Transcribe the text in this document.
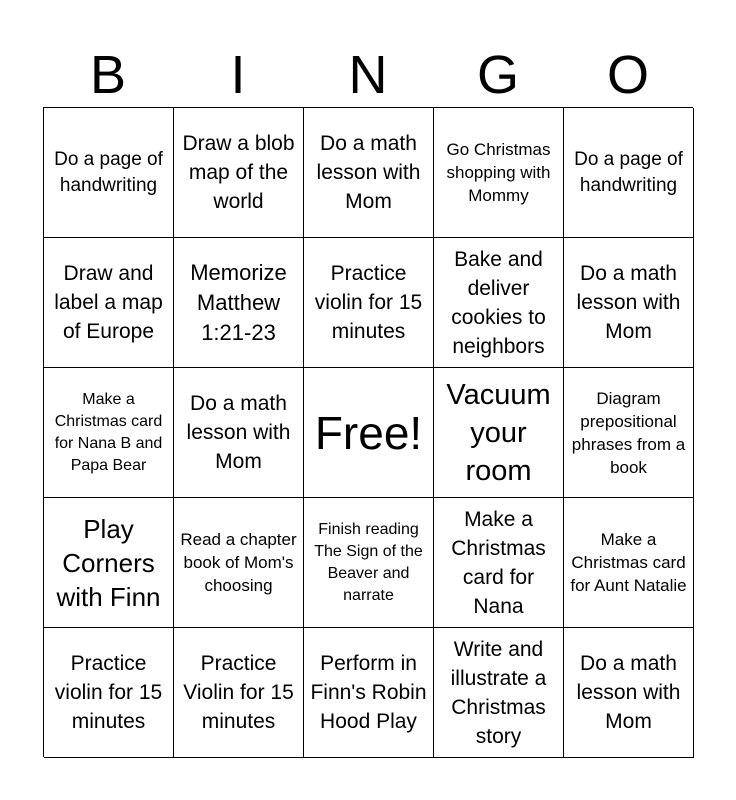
B	I	N	G	O
Do a page of handwriting
Draw a blob map of the world
Do a math lesson with Mom
Go Christmas shopping with Mommy
Do a page of handwriting
Draw and label a map of Europe
Memorize Matthew 1:21-23
Practice violin for 15 minutes
Bake and deliver cookies to neighbors
Do a math lesson with Mom
Make a Christmas card for Nana B and Papa Bear
Do a math lesson with Mom
Free!
Vacuum your room
Diagram prepositional phrases from a book
Play Corners with Finn
Read a chapter book of Mom's choosing
Finish reading The Sign of the Beaver and narrate
Make a Christmas card for Nana
Make a Christmas card for Aunt Natalie
Practice violin for 15 minutes
Practice Violin for 15 minutes
Perform in Finn's Robin Hood Play
Write and illustrate a Christmas story
Do a math lesson with Mom
